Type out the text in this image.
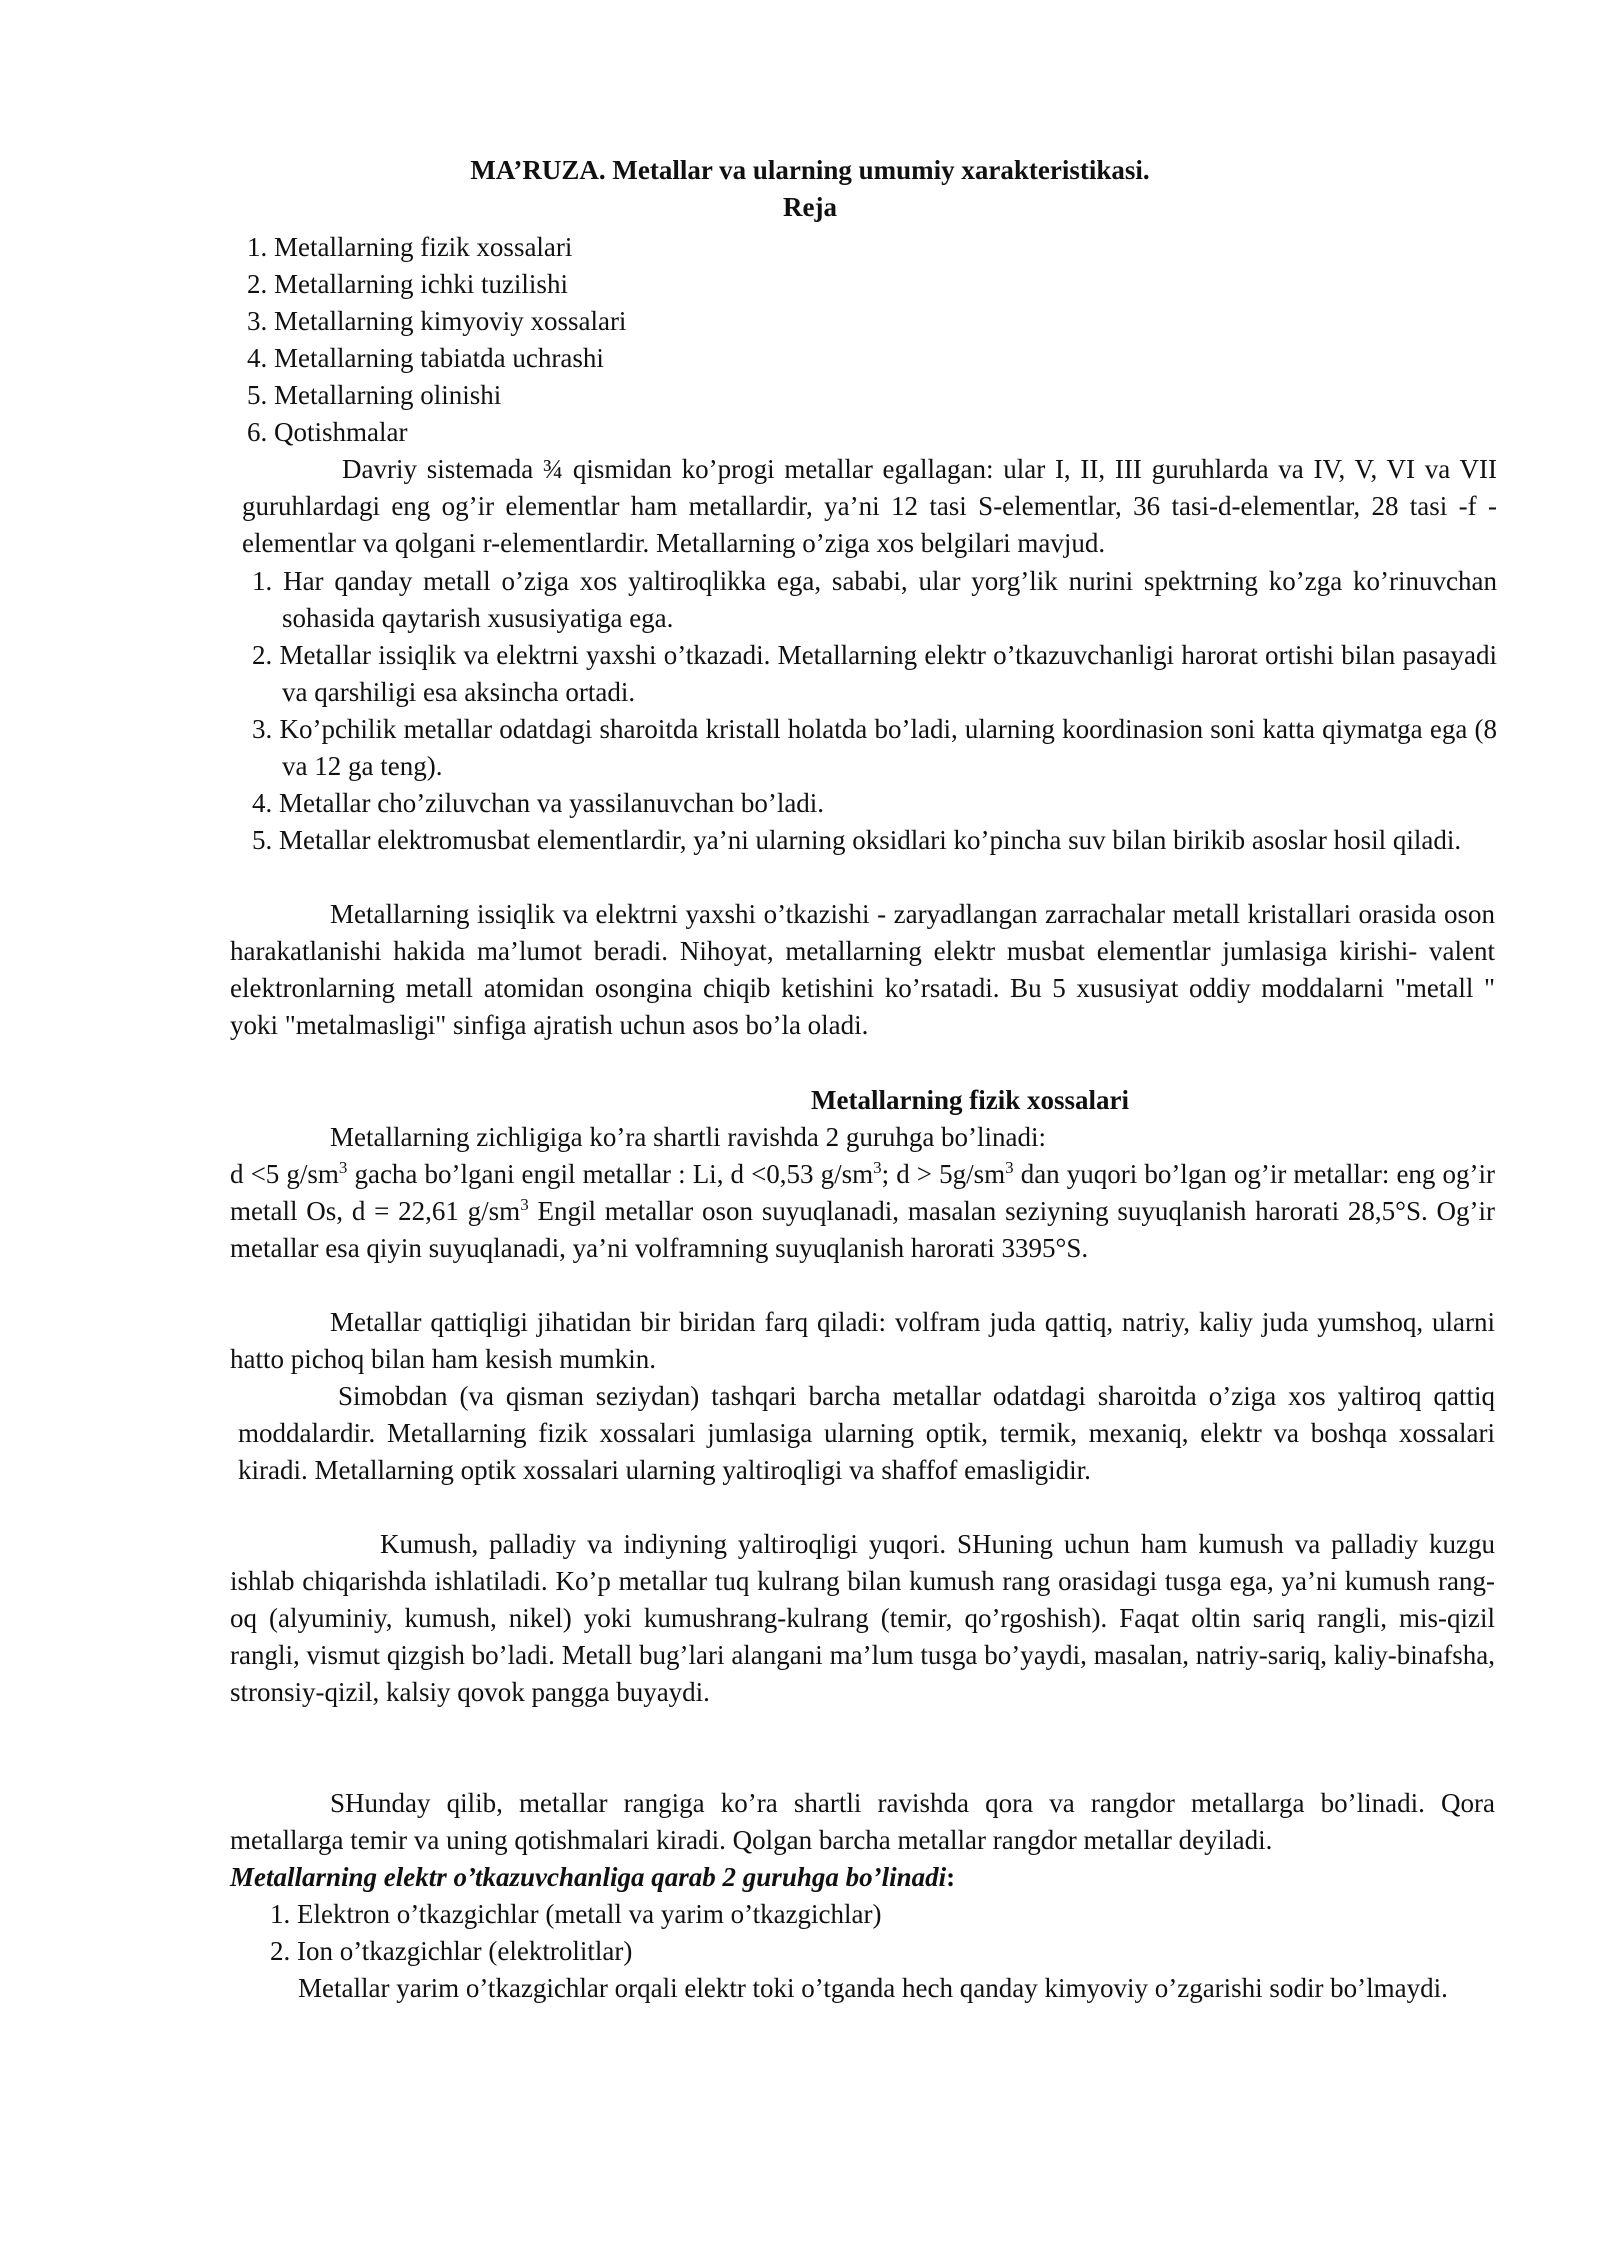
MA’RUZA. Metallar va ularning umumiy xarakteristikasi.
Reja
1. Metallarning fizik xossalari
2. Metallarning ichki tuzilishi
3. Metallarning kimyoviy xossalari
4. Metallarning tabiatda uchrashi
5. Metallarning olinishi
6. Qotishmalar

Davriy sistemada ¾ qismidan ko’progi metallar egallagan: ular I, II, III guruhlarda va IV, V, VI va VII guruhlardagi eng og’ir elementlar ham metallardir, ya’ni 12 tasi S-elementlar, 36 tasi-d-elementlar, 28 tasi -f - elementlar va qolgani r-elementlardir. Metallarning o’ziga xos belgilari mavjud.

1. Har qanday metall o’ziga xos yaltiroqlikka ega, sababi, ular yorg’lik nurini spektrning ko’zga ko’rinuvchan sohasida qaytarish xususiyatiga ega.

2. Metallar issiqlik va elektrni yaxshi o’tkazadi. Metallarning elektr o’tkazuvchanligi harorat ortishi bilan pasayadi va qarshiligi esa aksincha ortadi.

3. Ko’pchilik metallar odatdagi sharoitda kristall holatda bo’ladi, ularning koordinasion soni katta qiymatga ega (8 va 12 ga teng).

4. Metallar cho’ziluvchan va yassilanuvchan bo’ladi.

5. Metallar elektromusbat elementlardir, ya’ni ularning oksidlari ko’pincha suv bilan birikib asoslar hosil qiladi.

Metallarning issiqlik va elektrni yaxshi o’tkazishi - zaryadlangan zarrachalar metall kristallari orasida oson harakatlanishi hakida ma’lumot beradi. Nihoyat, metallarning elektr musbat elementlar jumlasiga kirishi- valent elektronlarning metall atomidan osongina chiqib ketishini ko’rsatadi. Bu 5 xususiyat oddiy moddalarni "metall " yoki "metalmasligi" sinfiga ajratish uchun asos bo’la oladi.

Metallarning fizik xossalari

Metallarning zichligiga ko’ra shartli ravishda 2 guruhga bo’linadi:
d <5 $g/sm^3$ gacha bo’lgani engil metallar : Li, d <0,53 $g/sm^3$; $d > 5g/sm^3$ dan yuqori bo’lgan og’ir metallar: eng og’ir metall Os, d = 22,61 $g/sm^3$ Engil metallar oson suyuqlanadi, masalan seziyning suyuqlanish harorati 28,5°S. Og’ir metallar esa qiyin suyuqlanadi, ya’ni volframning suyuqlanish harorati 3395°S.

Metallar qattiqligi jihatidan bir biridan farq qiladi: volfram juda qattiq, natriy, kaliy juda yumshoq, ularni hatto pichoq bilan ham kesish mumkin.

Simobdan (va qisman seziydan) tashqari barcha metallar odatdagi sharoitda o’ziga xos yaltiroq qattiq moddalardir. Metallarning fizik xossalari jumlasiga ularning optik, termik, mexaniq, elektr va boshqa xossalari kiradi. Metallarning optik xossalari ularning yaltiroqligi va shaffof emasligidir.

Kumush, palladiy va indiyning yaltiroqligi yuqori. SHuning uchun ham kumush va palladiy kuzgu ishlab chiqarishda ishlatiladi. Ko’p metallar tuq kulrang bilan kumush rang orasidagi tusga ega, ya’ni kumush rang- oq (alyuminiy, kumush, nikel) yoki kumushrang-kulrang (temir, qo’rgoshish). Faqat oltin sariq rangli, mis-qizil rangli, vismut qizgish bo’ladi. Metall bug’lari alangani ma’lum tusga bo’yaydi, masalan, natriy-sariq, kaliy-binafsha, stronsiy-qizil, kalsiy qovok pangga buyaydi.

SHunday qilib, metallar rangiga ko’ra shartli ravishda qora va rangdor metallarga bo’linadi. Qora metallarga temir va uning qotishmalari kiradi. Qolgan barcha metallar rangdor metallar deyiladi.

Metallarning elektr o’tkazuvchanliga qarab 2 guruhga bo’linadi:
1. Elektron o’tkazgichlar (metall va yarim o’tkazgichlar)
2. Ion o’tkazgichlar (elektrolitlar)

Metallar yarim o’tkazgichlar orqali elektr toki o’tganda hech qanday kimyoviy o’zgarishi sodir bo’lmaydi.
